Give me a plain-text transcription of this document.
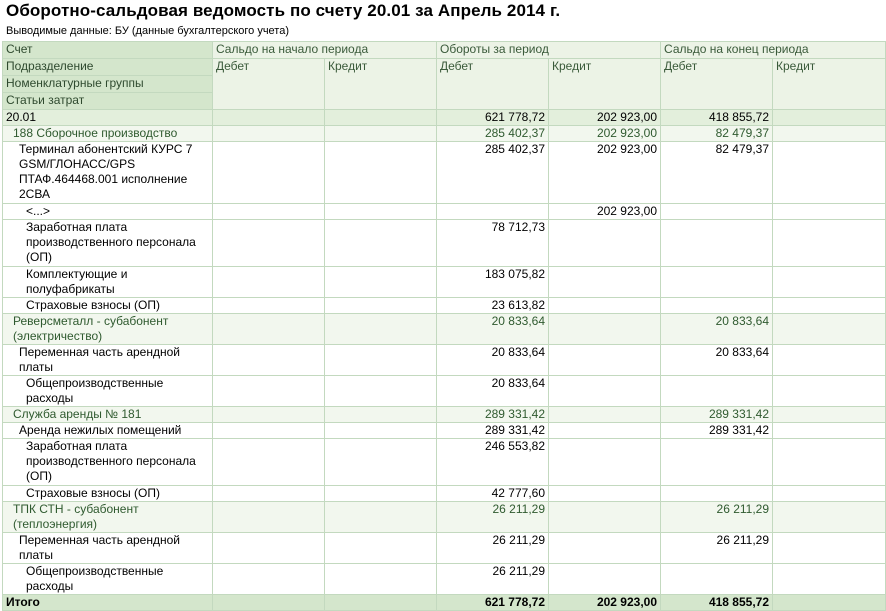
Оборотно-сальдовая ведомость по счету 20.01 за Апрель 2014 г.
Выводимые данные: БУ (данные бухгалтерского учета)
Счет	Сальдо на начало периода		Обороты за период		Сальдо на конец периода	
Подразделение	Дебет	Кредит	Дебет	Кредит	Дебет	Кредит
Номенклатурные группы						
Статьи затрат						
20.01			621 778,72	202 923,00	418 855,72	
188 Сборочное производство			285 402,37	202 923,00	82 479,37	
Терминал абонентский КУРС 7 GSM/ГЛОНАСС/GPS ПТАФ.464468.001 исполнение 2СВА			285 402,37	202 923,00	82 479,37	
<...>				202 923,00		
Заработная плата производственного персонала (ОП)			78 712,73			
Комплектующие и полуфабрикаты			183 075,82			
Страховые взносы (ОП)			23 613,82			
Реверсметалл - субабонент (электричество)			20 833,64		20 833,64	
Переменная часть арендной платы			20 833,64		20 833,64	
Общепроизводственные расходы			20 833,64			
Служба аренды № 181			289 331,42		289 331,42	
Аренда нежилых помещений			289 331,42		289 331,42	
Заработная плата производственного персонала (ОП)			246 553,82			
Страховые взносы (ОП)			42 777,60			
ТПК СТН - субабонент (теплоэнергия)			26 211,29		26 211,29	
Переменная часть арендной платы			26 211,29		26 211,29	
Общепроизводственные расходы			26 211,29			
Итого			621 778,72	202 923,00	418 855,72	
